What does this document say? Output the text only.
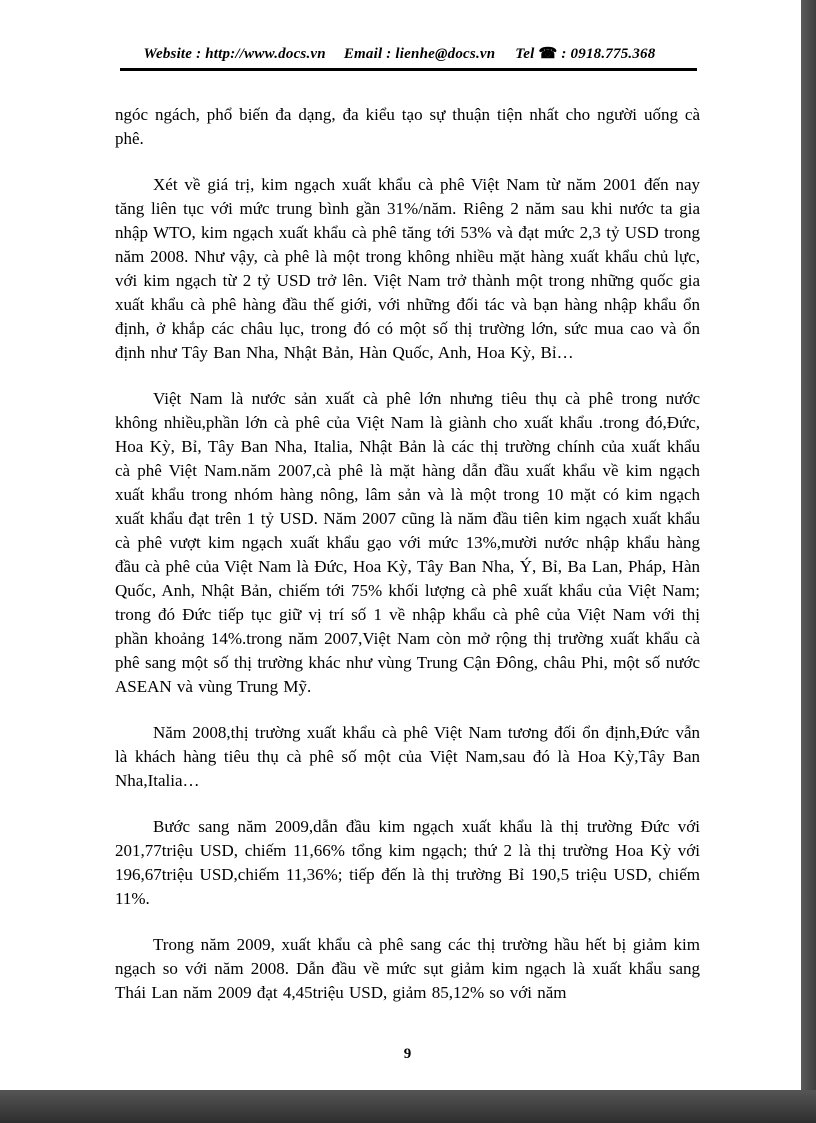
Website : http://www.docs.vn Email : lienhe@docs.vn Tel ☎ : 0918.775.368

ngóc ngách, phổ biến đa dạng, đa kiểu tạo sự thuận tiện nhất cho người uống cà phê.

Xét về giá trị, kim ngạch xuất khẩu cà phê Việt Nam từ năm 2001 đến nay tăng liên tục với mức trung bình gần 31%/năm. Riêng 2 năm sau khi nước ta gia nhập WTO, kim ngạch xuất khẩu cà phê tăng tới 53% và đạt mức 2,3 tỷ USD trong năm 2008. Như vậy, cà phê là một trong không nhiều mặt hàng xuất khẩu chủ lực, với kim ngạch từ 2 tỷ USD trở lên. Việt Nam trở thành một trong những quốc gia xuất khẩu cà phê hàng đầu thế giới, với những đối tác và bạn hàng nhập khẩu ổn định, ở khắp các châu lục, trong đó có một số thị trường lớn, sức mua cao và ổn định như Tây Ban Nha, Nhật Bản, Hàn Quốc, Anh, Hoa Kỳ, Bỉ…

Việt Nam là nước sản xuất cà phê lớn nhưng tiêu thụ cà phê trong nước không nhiều,phần lớn cà phê của Việt Nam là giành cho xuất khẩu .trong đó,Đức, Hoa Kỳ, Bỉ, Tây Ban Nha, Italia, Nhật Bản là các thị trường chính của xuất khẩu cà phê Việt Nam.năm 2007,cà phê là mặt hàng dẫn đầu xuất khẩu về kim ngạch xuất khẩu trong nhóm hàng nông, lâm sản và là một trong 10 mặt có kim ngạch xuất khẩu đạt trên 1 tỷ USD. Năm 2007 cũng là năm đầu tiên kim ngạch xuất khẩu cà phê vượt kim ngạch xuất khẩu gạo với mức 13%,mười nước nhập khẩu hàng đầu cà phê của Việt Nam là Đức, Hoa Kỳ, Tây Ban Nha, Ý, Bỉ, Ba Lan, Pháp, Hàn Quốc, Anh, Nhật Bản, chiếm tới 75% khối lượng cà phê xuất khẩu của Việt Nam; trong đó Đức tiếp tục giữ vị trí số 1 về nhập khẩu cà phê của Việt Nam với thị phần khoảng 14%.trong năm 2007,Việt Nam còn mở rộng thị trường xuất khẩu cà phê sang một số thị trường khác như vùng Trung Cận Đông, châu Phi, một số nước ASEAN và vùng Trung Mỹ.

Năm 2008,thị trường xuất khẩu cà phê Việt Nam tương đối ổn định,Đức vẫn là khách hàng tiêu thụ cà phê số một của Việt Nam,sau đó là Hoa Kỳ,Tây Ban Nha,Italia…

Bước sang năm 2009,dẫn đầu kim ngạch xuất khẩu là thị trường Đức với 201,77triệu USD, chiếm 11,66% tổng kim ngạch; thứ 2 là thị trường Hoa Kỳ với 196,67triệu USD,chiếm 11,36%; tiếp đến là thị trường Bỉ 190,5 triệu USD, chiếm 11%.

Trong năm 2009, xuất khẩu cà phê sang các thị trường hầu hết bị giảm kim ngạch so với năm 2008. Dẫn đầu về mức sụt giảm kim ngạch là xuất khẩu sang Thái Lan năm 2009 đạt 4,45triệu USD, giảm 85,12% so với năm

9
